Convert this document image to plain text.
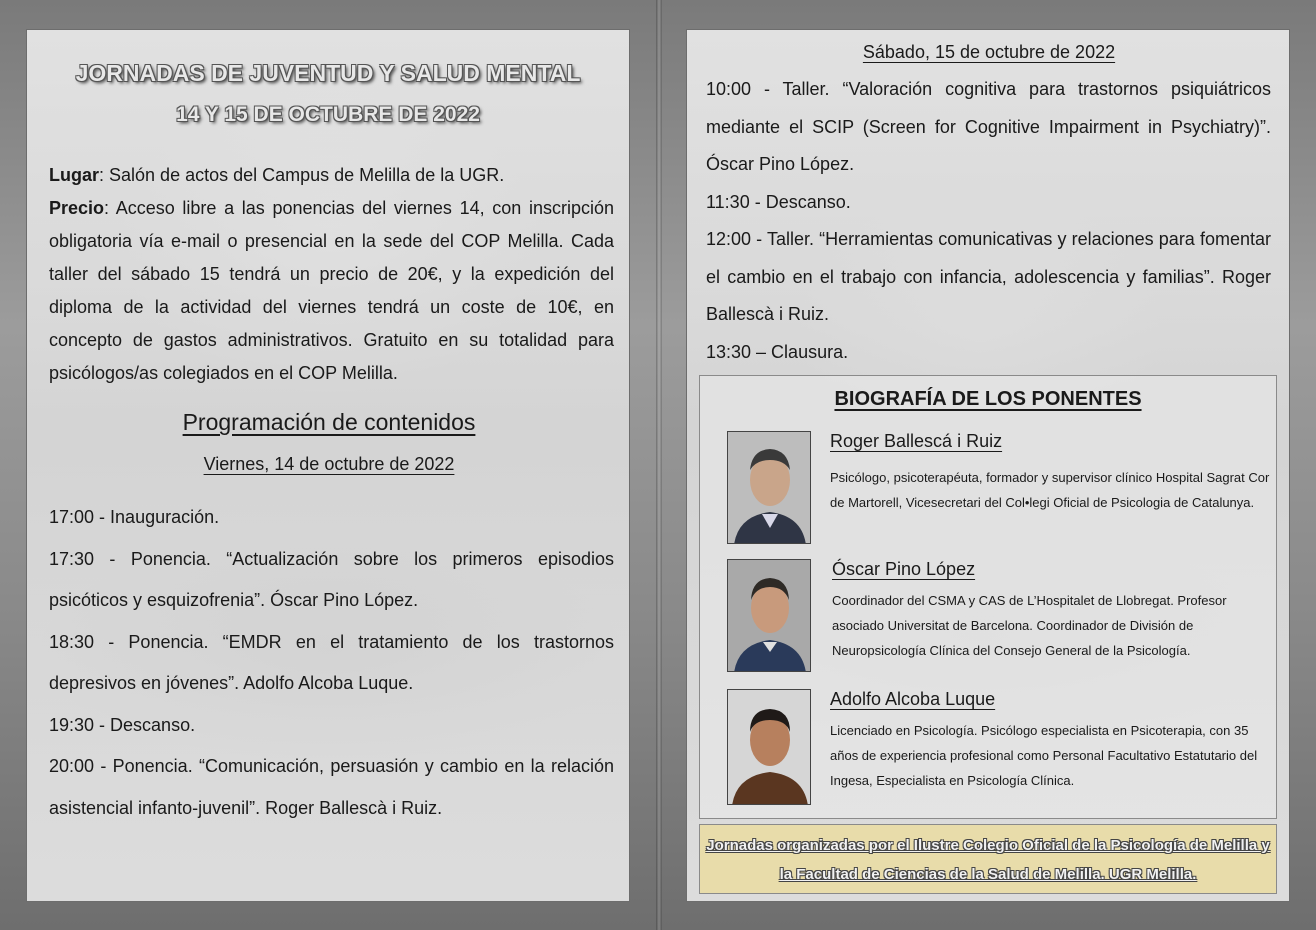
JORNADAS DE JUVENTUD Y SALUD MENTAL
14 Y 15 DE OCTUBRE DE 2022

Lugar: Salón de actos del Campus de Melilla de la UGR.

Precio: Acceso libre a las ponencias del viernes 14, con inscripción obligatoria vía e-mail o presencial en la sede del COP Melilla. Cada taller del sábado 15 tendrá un precio de 20€, y la expedición del diploma de la actividad del viernes tendrá un coste de 10€, en concepto de gastos administrativos. Gratuito en su totalidad para psicólogos/as colegiados en el COP Melilla.

Programación de contenidos
Viernes, 14 de octubre de 2022

17:00 - Inauguración.

17:30 - Ponencia. “Actualización sobre los primeros episodios psicóticos y esquizofrenia”. Óscar Pino López.

18:30 - Ponencia. “EMDR en el tratamiento de los trastornos depresivos en jóvenes”. Adolfo Alcoba Luque.

19:30 - Descanso.

20:00 - Ponencia. “Comunicación, persuasión y cambio en la relación asistencial infanto-juvenil”. Roger Ballescà i Ruiz.

Sábado, 15 de octubre de 2022

10:00 - Taller. “Valoración cognitiva para trastornos psiquiátricos mediante el SCIP (Screen for Cognitive Impairment in Psychiatry)”. Óscar Pino López.

11:30 - Descanso.

12:00 - Taller. “Herramientas comunicativas y relaciones para fomentar el cambio en el trabajo con infancia, adolescencia y familias”. Roger Ballescà i Ruiz.

13:30 – Clausura.

BIOGRAFÍA DE LOS PONENTES
Roger Ballescá i Ruiz

Psicólogo, psicoterapéuta, formador y supervisor clínico Hospital Sagrat Cor de Martorell, Vicesecretari del Col•legi Oficial de Psicologia de Catalunya.

Óscar Pino López

Coordinador del CSMA y CAS de L’Hospitalet de Llobregat. Profesor asociado Universitat de Barcelona. Coordinador de División de Neuropsicología Clínica del Consejo General de la Psicología.

Adolfo Alcoba Luque

Licenciado en Psicología. Psicólogo especialista en Psicoterapia, con 35 años de experiencia profesional como Personal Facultativo Estatutario del Ingesa, Especialista en Psicología Clínica.

Jornadas organizadas por el Ilustre Colegio Oficial de la Psicología de Melilla y
la Facultad de Ciencias de la Salud de Melilla. UGR Melilla.
